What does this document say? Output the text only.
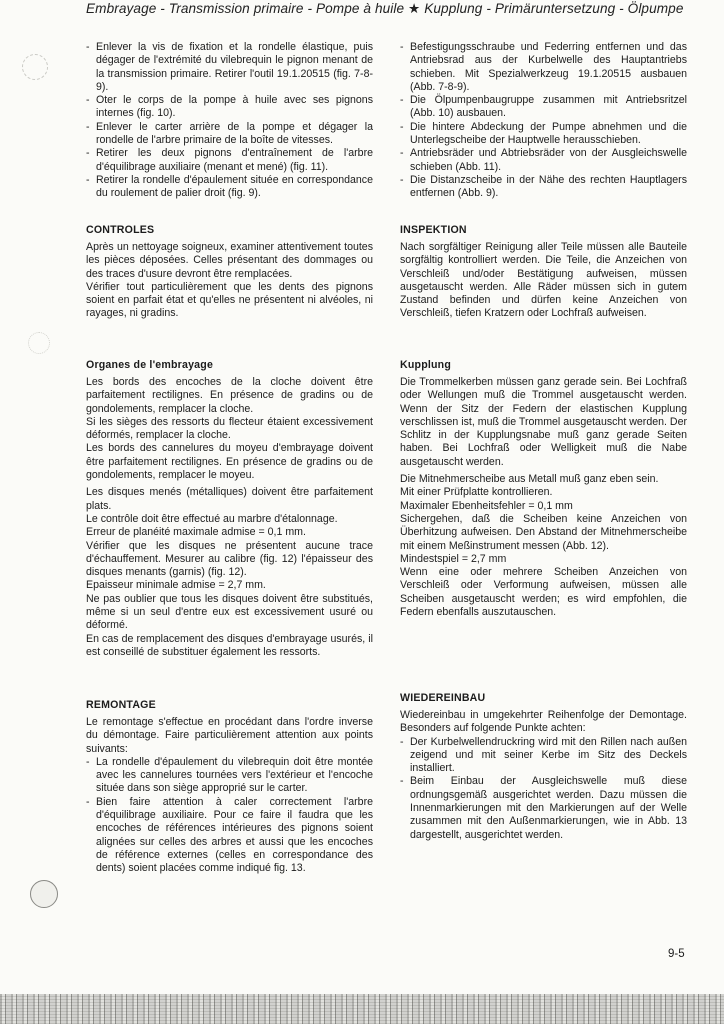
Embrayage - Transmission primaire - Pompe à huile ★ Kupplung - Primäruntersetzung - Ölpumpe
- Enlever la vis de fixation et la rondelle élastique, puis dégager de l'extrémité du vilebrequin le pignon menant de la transmission primaire. Retirer l'outil 19.1.20515 (fig. 7-8-9).
- Oter le corps de la pompe à huile avec ses pignons internes (fig. 10).
- Enlever le carter arrière de la pompe et dégager la rondelle de l'arbre primaire de la boîte de vitesses.
- Retirer les deux pignons d'entraînement de l'arbre d'équilibrage auxiliaire (menant et mené) (fig. 11).
- Retirer la rondelle d'épaulement située en correspondance du roulement de palier droit (fig. 9).
CONTROLES

Après un nettoyage soigneux, examiner attentivement toutes les pièces déposées. Celles présentant des dommages ou des traces d'usure devront être remplacées.

Vérifier tout particulièrement que les dents des pignons soient en parfait état et qu'elles ne présentent ni alvéoles, ni rayages, ni gradins.

Organes de l'embrayage

Les bords des encoches de la cloche doivent être parfaitement rectilignes. En présence de gradins ou de gondolements, remplacer la cloche.

Si les sièges des ressorts du flecteur étaient excessivement déformés, remplacer la cloche.

Les bords des cannelures du moyeu d'embrayage doivent être parfaitement rectilignes. En présence de gradins ou de gondolements, remplacer le moyeu.

Les disques menés (métalliques) doivent être parfaitement plats.

Le contrôle doit être effectué au marbre d'étalonnage.

Erreur de planéité maximale admise = 0,1 mm.

Vérifier que les disques ne présentent aucune trace d'échauffement. Mesurer au calibre (fig. 12) l'épaisseur des disques menants (garnis) (fig. 12).

Epaisseur minimale admise = 2,7 mm.

Ne pas oublier que tous les disques doivent être substitués, même si un seul d'entre eux est excessivement usuré ou déformé.

En cas de remplacement des disques d'embrayage usurés, il est conseillé de substituer également les ressorts.

REMONTAGE

Le remontage s'effectue en procédant dans l'ordre inverse du démontage. Faire particulièrement attention aux points suivants:

- La rondelle d'épaulement du vilebrequin doit être montée avec les cannelures tournées vers l'extérieur et l'encoche située dans son siège approprié sur le carter.
- Bien faire attention à caler correctement l'arbre d'équilibrage auxiliaire. Pour ce faire il faudra que les encoches de références intérieures des pignons soient alignées sur celles des arbres et aussi que les encoches de référence externes (celles en correspondance des dents) soient placées comme indiqué fig. 13.
- Befestigungsschraube und Federring entfernen und das Antriebsrad aus der Kurbelwelle des Hauptantriebs schieben. Mit Spezialwerkzeug 19.1.20515 ausbauen (Abb. 7-8-9).
- Die Ölpumpenbaugruppe zusammen mit Antriebsritzel (Abb. 10) ausbauen.
- Die hintere Abdeckung der Pumpe abnehmen und die Unterlegscheibe der Hauptwelle herausschieben.
- Antriebsräder und Abtriebsräder von der Ausgleichswelle schieben (Abb. 11).
- Die Distanzscheibe in der Nähe des rechten Hauptlagers entfernen (Abb. 9).
INSPEKTION

Nach sorgfältiger Reinigung aller Teile müssen alle Bauteile sorgfältig kontrolliert werden. Die Teile, die Anzeichen von Verschleiß und/oder Bestätigung aufweisen, müssen ausgetauscht werden. Alle Räder müssen sich in gutem Zustand befinden und dürfen keine Anzeichen von Verschleiß, tiefen Kratzern oder Lochfraß aufweisen.

Kupplung

Die Trommelkerben müssen ganz gerade sein. Bei Lochfraß oder Wellungen muß die Trommel ausgetauscht werden. Wenn der Sitz der Federn der elastischen Kupplung verschlissen ist, muß die Trommel ausgetauscht werden. Der Schlitz in der Kupplungsnabe muß ganz gerade Seiten haben. Bei Lochfraß oder Welligkeit muß die Nabe ausgetauscht werden.

Die Mitnehmerscheibe aus Metall muß ganz eben sein.

Mit einer Prüfplatte kontrollieren.

Maximaler Ebenheitsfehler = 0,1 mm

Sichergehen, daß die Scheiben keine Anzeichen von Überhitzung aufweisen. Den Abstand der Mitnehmerscheibe mit einem Meßinstrument messen (Abb. 12).

Mindestspiel = 2,7 mm

Wenn eine oder mehrere Scheiben Anzeichen von Verschleiß oder Verformung aufweisen, müssen alle Scheiben ausgetauscht werden; es wird empfohlen, die Federn ebenfalls auszutauschen.

WIEDEREINBAU

Wiedereinbau in umgekehrter Reihenfolge der Demontage. Besonders auf folgende Punkte achten:

- Der Kurbelwellendruckring wird mit den Rillen nach außen zeigend und mit seiner Kerbe im Sitz des Deckels installiert.
- Beim Einbau der Ausgleichswelle muß diese ordnungsgemäß ausgerichtet werden. Dazu müssen die Innenmarkierungen mit den Markierungen auf der Welle zusammen mit den Außenmarkierungen, wie in Abb. 13 dargestellt, ausgerichtet werden.
9-5
